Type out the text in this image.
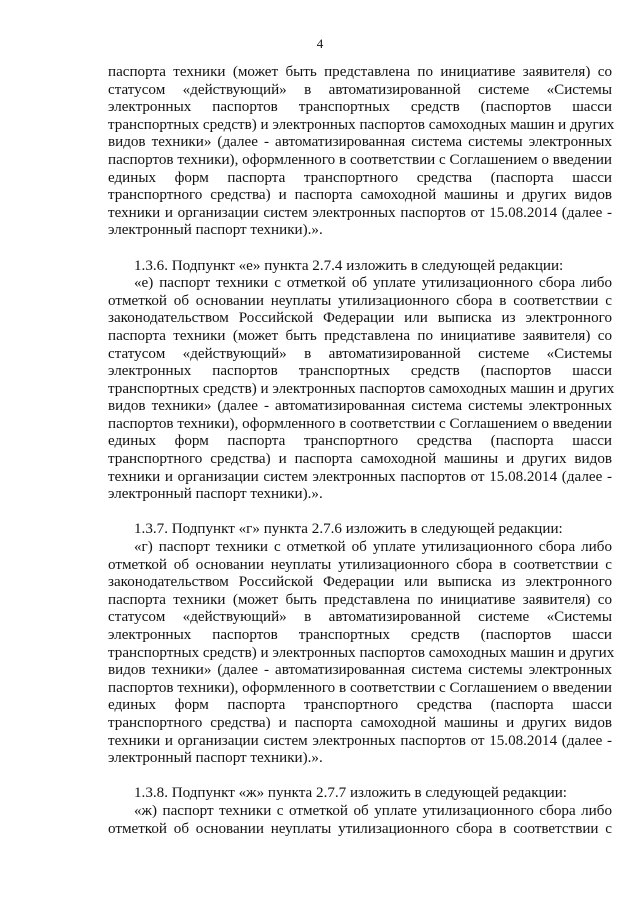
4
паспорта техники (может быть представлена по инициативе заявителя) со
статусом «действующий» в автоматизированной системе «Системы
электронных паспортов транспортных средств (паспортов шасси
транспортных средств) и электронных паспортов самоходных машин и других
видов техники» (далее - автоматизированная система системы электронных
паспортов техники), оформленного в соответствии с Соглашением о введении
единых форм паспорта транспортного средства (паспорта шасси
транспортного средства) и паспорта самоходной машины и других видов
техники и организации систем электронных паспортов от 15.08.2014 (далее -
электронный паспорт техники).».
1.3.6. Подпункт «е» пункта 2.7.4 изложить в следующей редакции:
«е) паспорт техники с отметкой об уплате утилизационного сбора либо
отметкой об основании неуплаты утилизационного сбора в соответствии с
законодательством Российской Федерации или выписка из электронного
паспорта техники (может быть представлена по инициативе заявителя) со
статусом «действующий» в автоматизированной системе «Системы
электронных паспортов транспортных средств (паспортов шасси
транспортных средств) и электронных паспортов самоходных машин и других
видов техники» (далее - автоматизированная система системы электронных
паспортов техники), оформленного в соответствии с Соглашением о введении
единых форм паспорта транспортного средства (паспорта шасси
транспортного средства) и паспорта самоходной машины и других видов
техники и организации систем электронных паспортов от 15.08.2014 (далее -
электронный паспорт техники).».
1.3.7. Подпункт «г» пункта 2.7.6 изложить в следующей редакции:
«г) паспорт техники с отметкой об уплате утилизационного сбора либо
отметкой об основании неуплаты утилизационного сбора в соответствии с
законодательством Российской Федерации или выписка из электронного
паспорта техники (может быть представлена по инициативе заявителя) со
статусом «действующий» в автоматизированной системе «Системы
электронных паспортов транспортных средств (паспортов шасси
транспортных средств) и электронных паспортов самоходных машин и других
видов техники» (далее - автоматизированная система системы электронных
паспортов техники), оформленного в соответствии с Соглашением о введении
единых форм паспорта транспортного средства (паспорта шасси
транспортного средства) и паспорта самоходной машины и других видов
техники и организации систем электронных паспортов от 15.08.2014 (далее -
электронный паспорт техники).».
1.3.8. Подпункт «ж» пункта 2.7.7 изложить в следующей редакции:
«ж) паспорт техники с отметкой об уплате утилизационного сбора либо
отметкой об основании неуплаты утилизационного сбора в соответствии с
